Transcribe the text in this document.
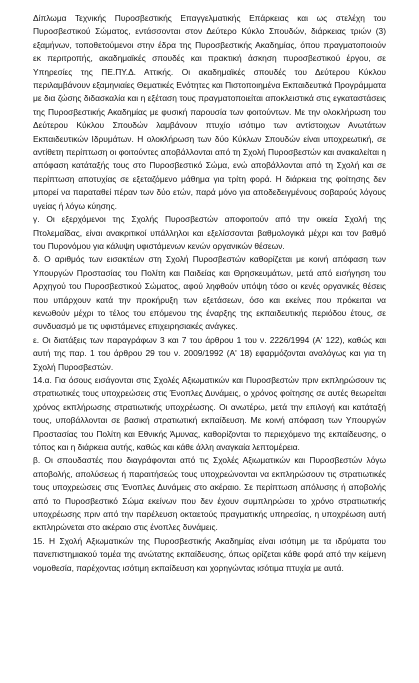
Δίπλωμα Τεχνικής Πυροσβεστικής Επαγγελματικής Επάρκειας και ως στελέχη του Πυροσβεστικού Σώματος, εντάσσονται στον Δεύτερο Κύκλο Σπουδών, διάρκειας τριών (3) εξαμήνων, τοποθετούμενοι στην έδρα της Πυροσβεστικής Ακαδημίας, όπου πραγματοποιούν εκ περιτροπής, ακαδημαϊκές σπουδές και πρακτική άσκηση πυροσβεστικού έργου, σε Υπηρεσίες της ΠΕ.ΠΥ.Δ. Αττικής. Οι ακαδημαϊκές σπουδές του Δεύτερου Κύκλου περιλαμβάνουν εξαμηνιαίες Θεματικές Ενότητες και Πιστοποιημένα Εκπαιδευτικά Προγράμματα με δια ζώσης διδασκαλία και η εξέταση τους πραγματοποιείται αποκλειστικά στις εγκαταστάσεις της Πυροσβεστικής Ακαδημίας με φυσική παρουσία των φοιτούντων. Με την ολοκλήρωση του Δεύτερου Κύκλου Σπουδών λαμβάνουν πτυχίο ισότιμο των αντίστοιχων Ανωτάτων Εκπαιδευτικών Ιδρυμάτων. Η ολοκλήρωση των δύο Κύκλων Σπουδών είναι υποχρεωτική, σε αντίθετη περίπτωση οι φοιτούντες αποβάλλονται από τη Σχολή Πυροσβεστών και ανακαλείται η απόφαση κατάταξής τους στο Πυροσβεστικό Σώμα, ενώ αποβάλλονται από τη Σχολή και σε περίπτωση αποτυχίας σε εξεταζόμενο μάθημα για τρίτη φορά. Η διάρκεια της φοίτησης δεν μπορεί να παραταθεί πέραν των δύο ετών, παρά μόνο για αποδεδειγμένους σοβαρούς λόγους υγείας ή λόγω κύησης.

γ. Οι εξερχόμενοι της Σχολής Πυροσβεστών αποφοιτούν από την οικεία Σχολή της Πτολεμαΐδας, είναι ανακριτικοί υπάλληλοι και εξελίσσονται βαθμολογικά μέχρι και τον βαθμό του Πυρονόμου για κάλυψη υφιστάμενων κενών οργανικών θέσεων.

δ. Ο αριθμός των εισακτέων στη Σχολή Πυροσβεστών καθορίζεται με κοινή απόφαση των Υπουργών Προστασίας του Πολίτη και Παιδείας και Θρησκευμάτων, μετά από εισήγηση του Αρχηγού του Πυροσβεστικού Σώματος, αφού ληφθούν υπόψη τόσο οι κενές οργανικές θέσεις που υπάρχουν κατά την προκήρυξη των εξετάσεων, όσο και εκείνες που πρόκειται να κενωθούν μέχρι το τέλος του επόμενου της έναρξης της εκπαιδευτικής περιόδου έτους, σε συνδυασμό με τις υφιστάμενες επιχειρησιακές ανάγκες.

ε. Οι διατάξεις των παραγράφων 3 και 7 του άρθρου 1 του ν. 2226/1994 (Α' 122), καθώς και αυτή της παρ. 1 του άρθρου 29 του ν. 2009/1992 (Α' 18) εφαρμόζονται αναλόγως και για τη Σχολή Πυροσβεστών.

14.α. Για όσους εισάγονται στις Σχολές Αξιωματικών και Πυροσβεστών πριν εκπληρώσουν τις στρατιωτικές τους υποχρεώσεις στις Ένοπλες Δυνάμεις, ο χρόνος φοίτησης σε αυτές θεωρείται χρόνος εκπλήρωσης στρατιωτικής υποχρέωσης. Οι ανωτέρω, μετά την επιλογή και κατάταξή τους, υποβάλλονται σε βασική στρατιωτική εκπαίδευση. Με κοινή απόφαση των Υπουργών Προστασίας του Πολίτη και Εθνικής Άμυνας, καθορίζονται το περιεχόμενο της εκπαίδευσης, ο τόπος και η διάρκεια αυτής, καθώς και κάθε άλλη αναγκαία λεπτομέρεια.

β. Οι σπουδαστές που διαγράφονται από τις Σχολές Αξιωματικών και Πυροσβεστών λόγω αποβολής, απολύσεως ή παραιτήσεώς τους υποχρεώνονται να εκπληρώσουν τις στρατιωτικές τους υποχρεώσεις στις Ένοπλες Δυνάμεις στο ακέραιο. Σε περίπτωση απόλυσης ή αποβολής από το Πυροσβεστικό Σώμα εκείνων που δεν έχουν συμπληρώσει το χρόνο στρατιωτικής υποχρέωσης πριν από την παρέλευση οκταετούς πραγματικής υπηρεσίας, η υποχρέωση αυτή εκπληρώνεται στο ακέραιο στις ένοπλες δυνάμεις.

15. Η Σχολή Αξιωματικών της Πυροσβεστικής Ακαδημίας είναι ισότιμη με τα ιδρύματα του πανεπιστημιακού τομέα της ανώτατης εκπαίδευσης, όπως ορίζεται κάθε φορά από την κείμενη νομοθεσία, παρέχοντας ισότιμη εκπαίδευση και χορηγώντας ισότιμα πτυχία με αυτά.
